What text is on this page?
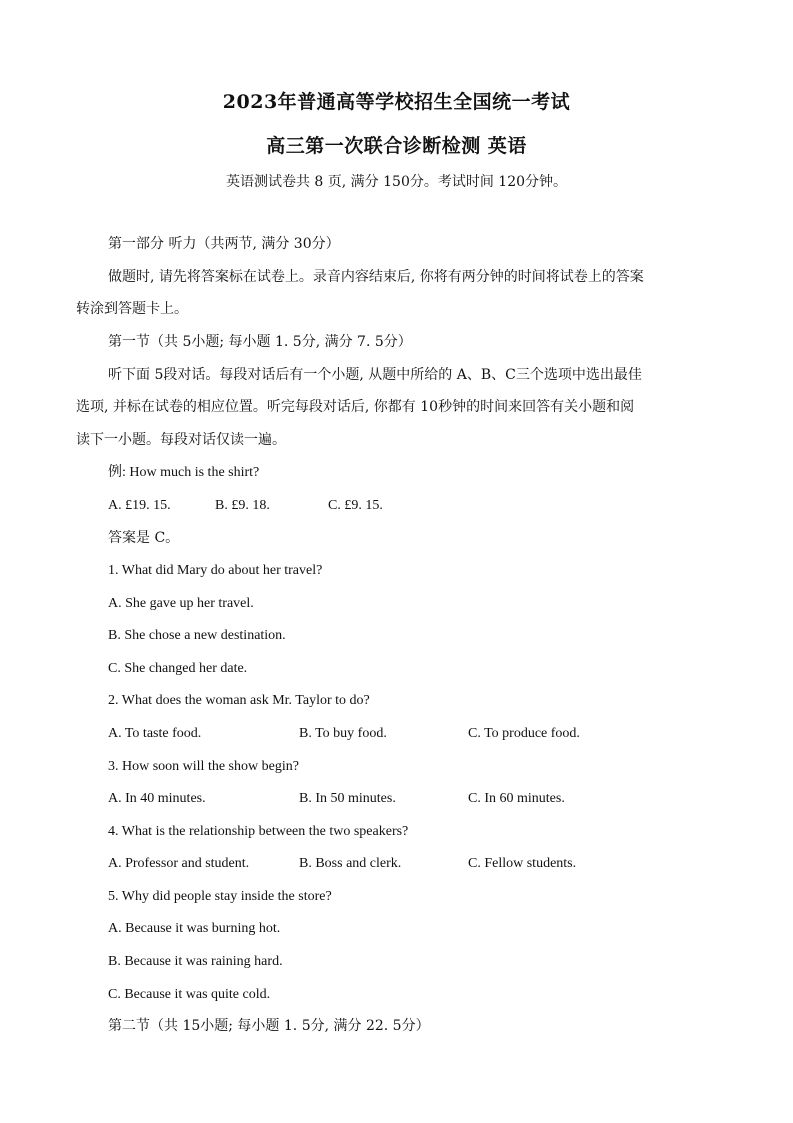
2023年普通高等学校招生全国统一考试
高三第一次联合诊断检测 英语
英语测试卷共 8 页, 满分 150分。考试时间 120分钟。
第一部分 听力（共两节, 满分 30分）
做题时, 请先将答案标在试卷上。录音内容结束后, 你将有两分钟的时间将试卷上的答案
转涂到答题卡上。
第一节（共 5小题; 每小题 1. 5分, 满分 7. 5分）
听下面 5段对话。每段对话后有一个小题, 从题中所给的 A、B、C三个选项中选出最佳
选项, 并标在试卷的相应位置。听完每段对话后, 你都有 10秒钟的时间来回答有关小题和阅
读下一小题。每段对话仅读一遍。
例: How much is the shirt?
A. £19. 15.	B. £9. 18.	C. £9. 15.
答案是 C。
1. What did Mary do about her travel?
A. She gave up her travel.
B. She chose a new destination.
C. She changed her date.
2. What does the woman ask Mr. Taylor to do?
A. To taste food.	B. To buy food.	C. To produce food.
3. How soon will the show begin?
A. In 40 minutes.	B. In 50 minutes.	C. In 60 minutes.
4. What is the relationship between the two speakers?
A. Professor and student.	B. Boss and clerk.	C. Fellow students.
5. Why did people stay inside the store?
A. Because it was burning hot.
B. Because it was raining hard.
C. Because it was quite cold.
第二节（共 15小题; 每小题 1. 5分, 满分 22. 5分）
